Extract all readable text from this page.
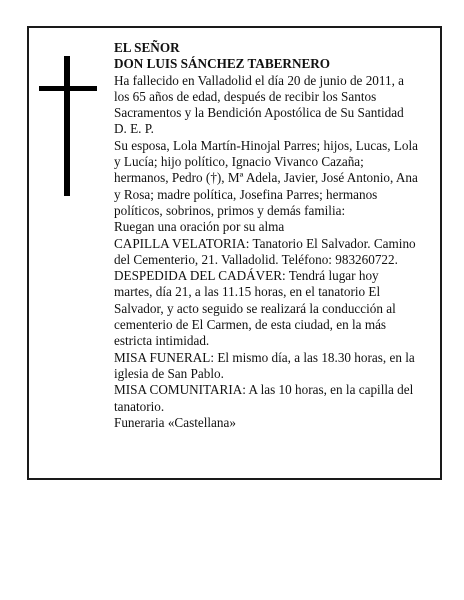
EL SEÑOR

DON LUIS SÁNCHEZ TABERNERO

Ha fallecido en Valladolid el día 20 de junio de 2011, a los 65 años de edad, después de recibir los Santos Sacramentos y la Bendición Apostólica de Su Santidad

D. E. P.

Su esposa, Lola Martín-Hinojal Parres; hijos, Lucas, Lola y Lucía; hijo político, Ignacio Vivanco Cazaña; hermanos, Pedro (†), Mª Adela, Javier, José Antonio, Ana y Rosa; madre política, Josefina Parres; hermanos políticos, sobrinos, primos y demás familia:

Ruegan una oración por su alma

CAPILLA VELATORIA: Tanatorio El Salvador. Camino del Cementerio, 21. Valladolid. Teléfono: 983260722.

DESPEDIDA DEL CADÁVER: Tendrá lugar hoy martes, día 21, a las 11.15 horas, en el tanatorio El Salvador, y acto seguido se realizará la conducción al cementerio de El Carmen, de esta ciudad, en la más estricta intimidad.

MISA FUNERAL: El mismo día, a las 18.30 horas, en la iglesia de San Pablo.

MISA COMUNITARIA: A las 10 horas, en la capilla del tanatorio.

Funeraria «Castellana»
